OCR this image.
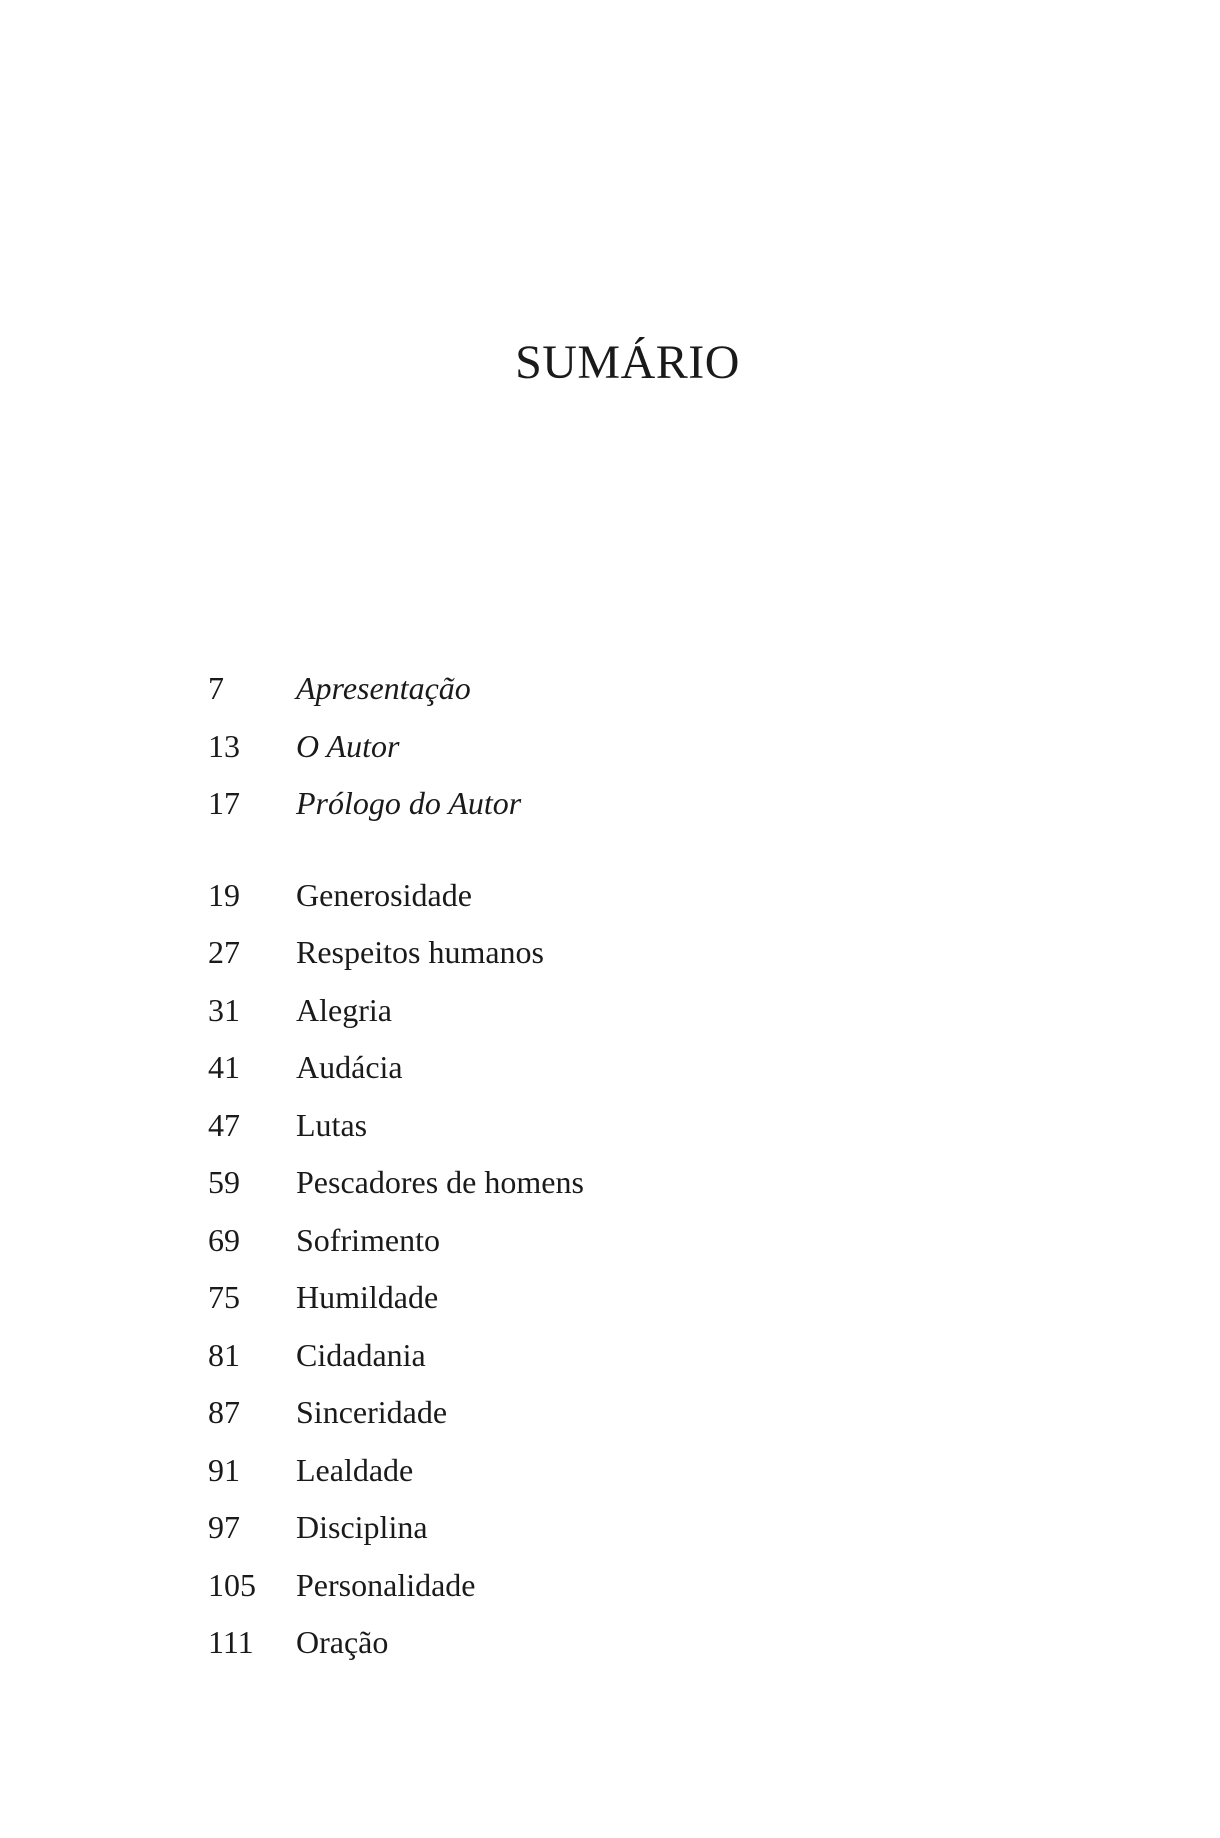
SUMÁRIO
7	Apresentação
13	O Autor
17	Prólogo do Autor
19	Generosidade
27	Respeitos humanos
31	Alegria
41	Audácia
47	Lutas
59	Pescadores de homens
69	Sofrimento
75	Humildade
81	Cidadania
87	Sinceridade
91	Lealdade
97	Disciplina
105	Personalidade
111	Oração
